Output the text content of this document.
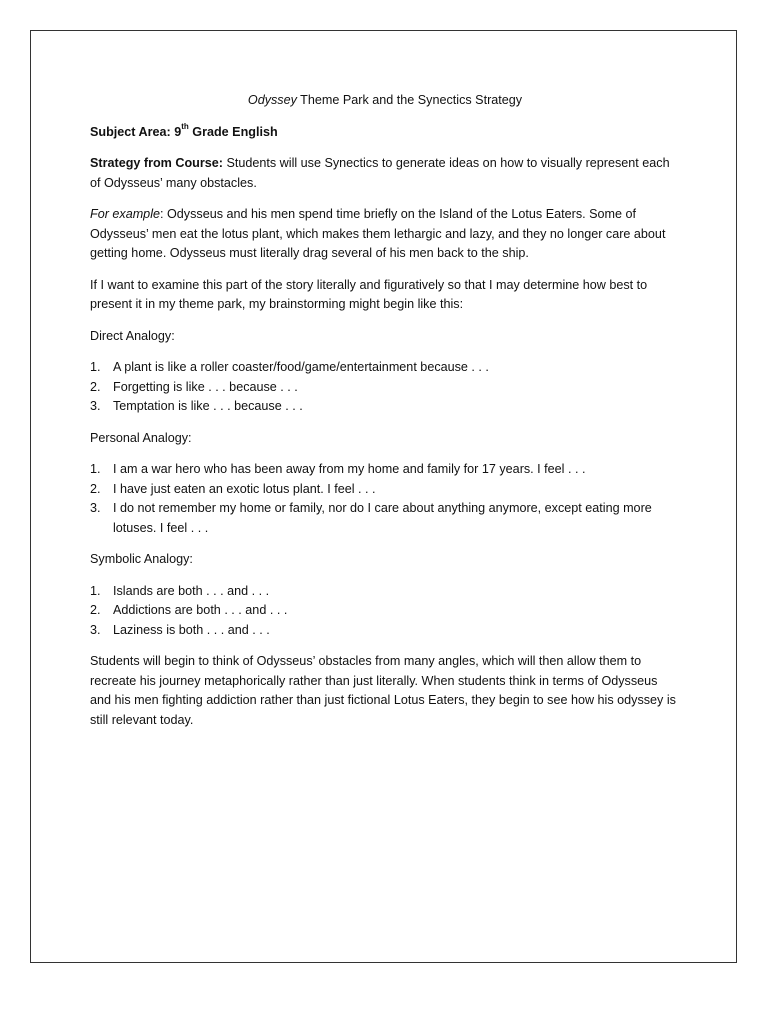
Odyssey Theme Park and the Synectics Strategy

Subject Area: 9th Grade English

Strategy from Course: Students will use Synectics to generate ideas on how to visually represent each of Odysseus’ many obstacles.

For example: Odysseus and his men spend time briefly on the Island of the Lotus Eaters. Some of Odysseus’ men eat the lotus plant, which makes them lethargic and lazy, and they no longer care about getting home. Odysseus must literally drag several of his men back to the ship.

If I want to examine this part of the story literally and figuratively so that I may determine how best to present it in my theme park, my brainstorming might begin like this:

Direct Analogy:

1. A plant is like a roller coaster/food/game/entertainment because . . .
2. Forgetting is like . . . because . . .
3. Temptation is like . . . because . . .

Personal Analogy:

1. I am a war hero who has been away from my home and family for 17 years. I feel . . .
2. I have just eaten an exotic lotus plant. I feel . . .
3. I do not remember my home or family, nor do I care about anything anymore, except eating more lotuses. I feel . . .

Symbolic Analogy:

1. Islands are both . . . and . . .
2. Addictions are both . . . and . . .
3. Laziness is both . . . and . . .

Students will begin to think of Odysseus’ obstacles from many angles, which will then allow them to recreate his journey metaphorically rather than just literally. When students think in terms of Odysseus and his men fighting addiction rather than just fictional Lotus Eaters, they begin to see how his odyssey is still relevant today.
